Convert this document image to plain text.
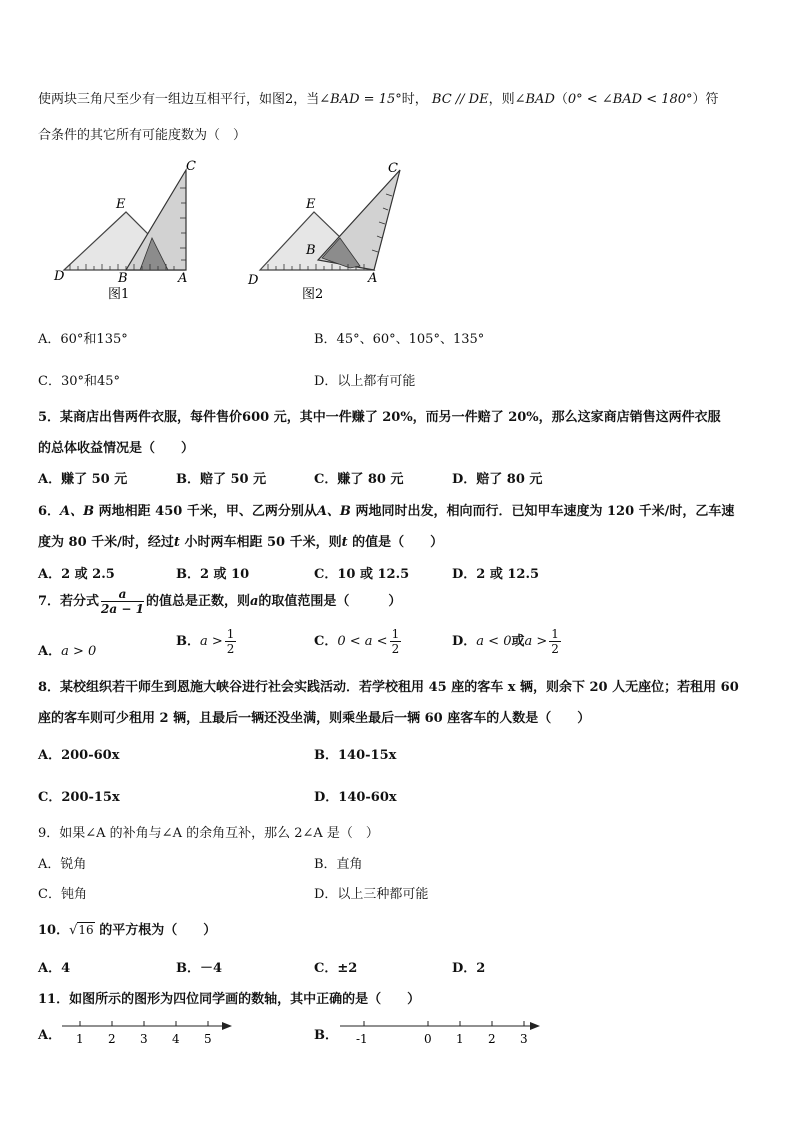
使两块三角尺至少有一组边互相平行，如图2，当∠BAD = 15°时， BC // DE，则∠BAD（0° < ∠BAD < 180°）符
合条件的其它所有可能度数为（　）
C
E
D	B	A
图1
C
E
B
D	A
图2
A．60°和135°	B．45°、60°、105°、135°
C．30°和45°	D．以上都有可能
5．某商店出售两件衣服，每件售价600 元，其中一件赚了 20%，而另一件赔了 20%，那么这家商店销售这两件衣服
的总体收益情况是（　　）
A．赚了 50 元	B．赔了 50 元	C．赚了 80 元	D．赔了 80 元
6．A、B 两地相距 450 千米，甲、乙两分别从A、B 两地同时出发，相向而行．已知甲车速度为 120 千米/时，乙车速
度为 80 千米/时，经过t 小时两车相距 50 千米，则t 的值是（　　）
A．2 或 2.5	B．2 或 10	C．10 或 12.5	D．2 或 12.5
7．若分式 $\frac{a}{2a - 1}$ 的值总是正数，则a的取值范围是（　　　）
A．a > 0
B．$a > \frac{1}{2}$	C．$0 < a < \frac{1}{2}$	D．a < 0或$a > \frac{1}{2}$
8．某校组织若干师生到恩施大峡谷进行社会实践活动．若学校租用 45 座的客车 x 辆，则余下 20 人无座位；若租用 60
座的客车则可少租用 2 辆，且最后一辆还没坐满，则乘坐最后一辆 60 座客车的人数是（　　）
A．200-60x	B．140-15x
C．200-15x	D．140-60x
9．如果∠A 的补角与∠A 的余角互补，那么 2∠A 是（　）
A．锐角	B．直角
C．钝角	D．以上三种都可能
10．√16 的平方根为（　　）
A．4	B．－4	C．±2	D．2
11．如图所示的图形为四位同学画的数轴，其中正确的是（　　）
A． 1 2 3 4 5	B． -1	0 1 2 3
